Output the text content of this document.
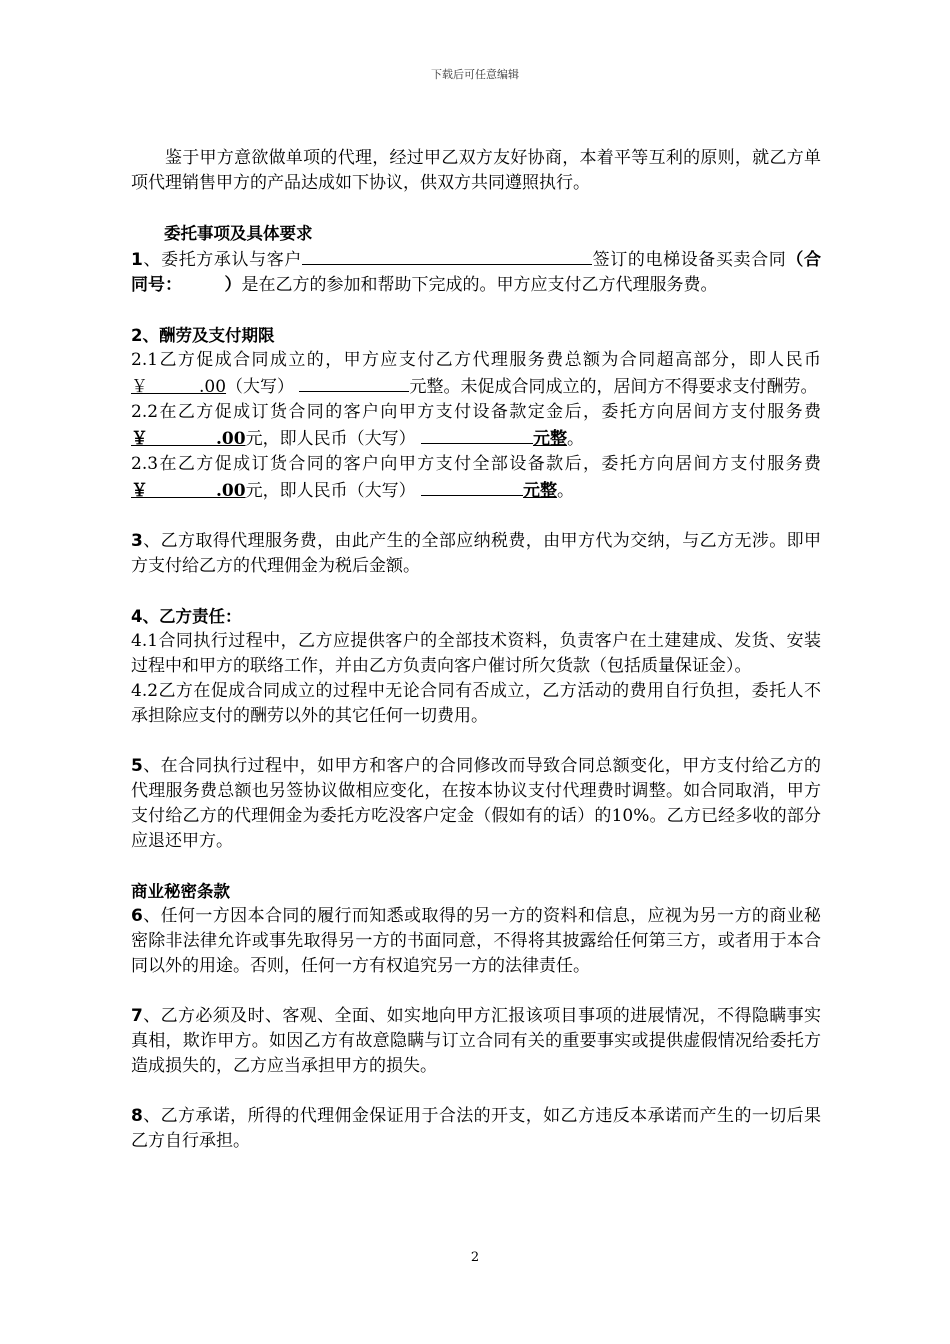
下载后可任意编辑

鉴于甲方意欲做单项的代理，经过甲乙双方友好协商，本着平等互利的原则，就乙方单项代理销售甲方的产品达成如下协议，供双方共同遵照执行。

委托事项及具体要求

1、委托方承认与客户	签订的电梯设备买卖合同（合同号：　　　）是在乙方的参加和帮助下完成的。甲方应支付乙方代理服务费。

2、酬劳及支付期限

2.1乙方促成合同成立的，甲方应支付乙方代理服务费总额为合同超高部分，即人民币￥　　　.00（大写）	元整。未促成合同成立的，居间方不得要求支付酬劳。

2.2在乙方促成订货合同的客户向甲方支付设备款定金后，委托方向居间方支付服务费￥　　　　.00元，即人民币（大写）	元整。

2.3在乙方促成订货合同的客户向甲方支付全部设备款后，委托方向居间方支付服务费￥　　　　.00元，即人民币（大写）	元整。

3、乙方取得代理服务费，由此产生的全部应纳税费，由甲方代为交纳，与乙方无涉。即甲方支付给乙方的代理佣金为税后金额。

4、乙方责任：

4.1合同执行过程中，乙方应提供客户的全部技术资料，负责客户在土建建成、发货、安装过程中和甲方的联络工作，并由乙方负责向客户催讨所欠货款（包括质量保证金）。

4.2乙方在促成合同成立的过程中无论合同有否成立，乙方活动的费用自行负担，委托人不承担除应支付的酬劳以外的其它任何一切费用。

5、在合同执行过程中，如甲方和客户的合同修改而导致合同总额变化，甲方支付给乙方的代理服务费总额也另签协议做相应变化，在按本协议支付代理费时调整。如合同取消，甲方支付给乙方的代理佣金为委托方吃没客户定金（假如有的话）的10%。乙方已经多收的部分应退还甲方。

商业秘密条款

6、任何一方因本合同的履行而知悉或取得的另一方的资料和信息，应视为另一方的商业秘密除非法律允许或事先取得另一方的书面同意，不得将其披露给任何第三方，或者用于本合同以外的用途。否则，任何一方有权追究另一方的法律责任。

7、乙方必须及时、客观、全面、如实地向甲方汇报该项目事项的进展情况，不得隐瞒事实真相，欺诈甲方。如因乙方有故意隐瞒与订立合同有关的重要事实或提供虚假情况给委托方造成损失的，乙方应当承担甲方的损失。

8、乙方承诺，所得的代理佣金保证用于合法的开支，如乙方违反本承诺而产生的一切后果乙方自行承担。

2
